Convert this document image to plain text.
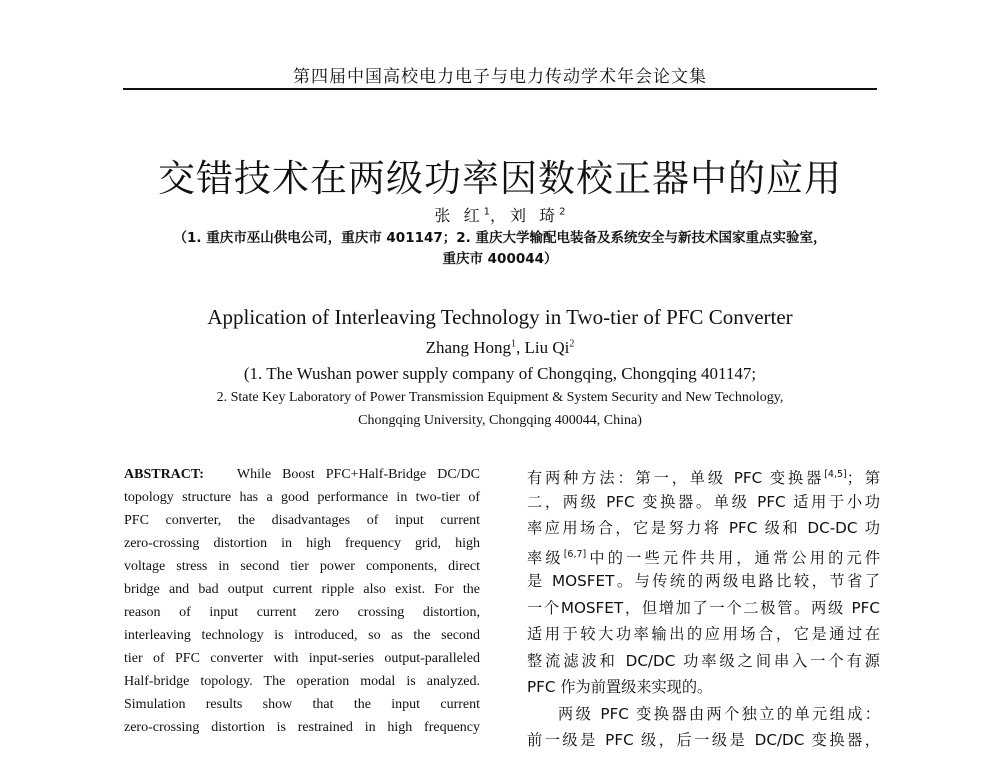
第四届中国高校电力电子与电力传动学术年会论文集
交错技术在两级功率因数校正器中的应用
张 红$^1$，刘 琦$^2$
（1. 重庆市巫山供电公司，重庆市 401147；2. 重庆大学输配电装备及系统安全与新技术国家重点实验室，
重庆市 400044）
Application of Interleaving Technology in Two-tier of PFC Converter
Zhang Hong$^1$, Liu Qi$^2$
(1. The Wushan power supply company of Chongqing, Chongqing 401147;
2. State Key Laboratory of Power Transmission Equipment & System Security and New Technology,
Chongqing University, Chongqing 400044, China)
ABSTRACT: While Boost PFC+Half-Bridge DC/DC
topology structure has a good performance in two-tier of
PFC converter, the disadvantages of input current
zero-crossing distortion in high frequency grid, high
voltage stress in second tier power components, direct
bridge and bad output current ripple also exist. For the
reason of input current zero crossing distortion,
interleaving technology is introduced, so as the second
tier of PFC converter with input-series output-paralleled
Half-bridge topology. The operation modal is analyzed.
Simulation results show that the input current
zero-crossing distortion is restrained in high frequency
有两种方法：第一，单级 PFC 变换器[4,5]；第
二，两级 PFC 变换器。单级 PFC 适用于小功
率应用场合，它是努力将 PFC 级和 DC-DC 功
率级[6,7]中的一些元件共用，通常公用的元件
是 MOSFET。与传统的两级电路比较，节省了
一个MOSFET，但增加了一个二极管。两级 PFC
适用于较大功率输出的应用场合，它是通过在
整流滤波和 DC/DC 功率级之间串入一个有源
PFC 作为前置级来实现的。
两级 PFC 变换器由两个独立的单元组成：
前一级是 PFC 级，后一级是 DC/DC 变换器，
